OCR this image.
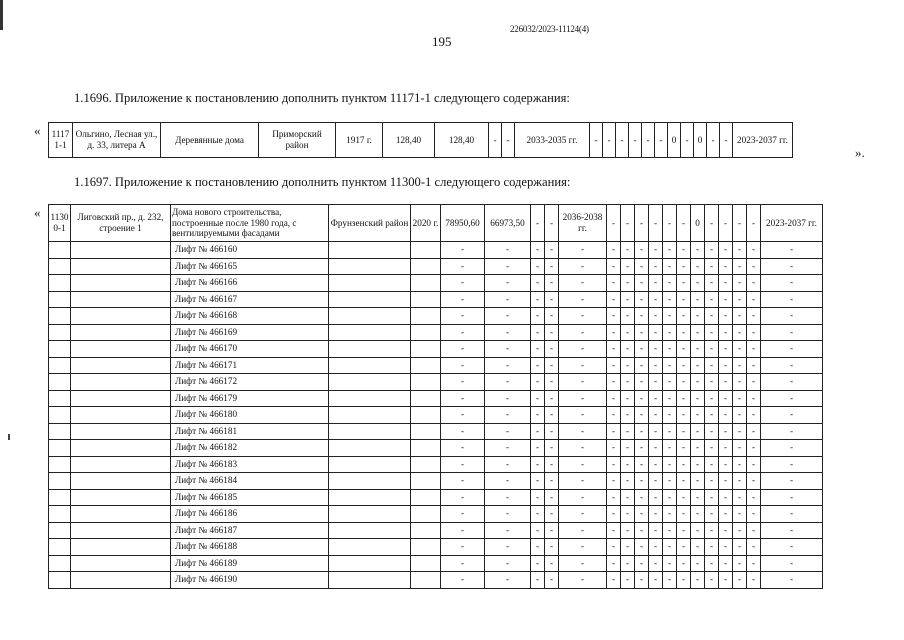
226032/2023-11124(4)
195
1.1696. Приложение к постановлению дополнить пунктом 11171-1 следующего содержания:
«
».
1117 1-1	Ольгино, Лесная ул., д. 33, литера А	Деревянные дома	Приморский район	1917 г.	128,40	128,40	-	-	2033-2035 гг.	-	-	-	-	-	-	0	-	0	-	-	2023-2037 гг.
1.1697. Приложение к постановлению дополнить пунктом 11300-1 следующего содержания:
« 1130 0-1	Лиговский пр., д. 232, строение 1	Дома нового строительства, построенные после 1980 года, с вентилируемыми фасадами	Фрунзенский район	2020 г.	78950,60	66973,50	-	-	2036-2038 гг.	-	-	-	-	-	-	0	-	-	-	-	2023-2037 гг.
		Лифт № 466160			-	-	-	-	-	-	-	-	-	-	-	-	-	-	-	-	-
		Лифт № 466165			-	-	-	-	-	-	-	-	-	-	-	-	-	-	-	-	-
		Лифт № 466166			-	-	-	-	-	-	-	-	-	-	-	-	-	-	-	-	-
		Лифт № 466167			-	-	-	-	-	-	-	-	-	-	-	-	-	-	-	-	-
		Лифт № 466168			-	-	-	-	-	-	-	-	-	-	-	-	-	-	-	-	-
		Лифт № 466169			-	-	-	-	-	-	-	-	-	-	-	-	-	-	-	-	-
		Лифт № 466170			-	-	-	-	-	-	-	-	-	-	-	-	-	-	-	-	-
		Лифт № 466171			-	-	-	-	-	-	-	-	-	-	-	-	-	-	-	-	-
		Лифт № 466172			-	-	-	-	-	-	-	-	-	-	-	-	-	-	-	-	-
		Лифт № 466179			-	-	-	-	-	-	-	-	-	-	-	-	-	-	-	-	-
		Лифт № 466180			-	-	-	-	-	-	-	-	-	-	-	-	-	-	-	-	-
		Лифт № 466181			-	-	-	-	-	-	-	-	-	-	-	-	-	-	-	-	-
		Лифт № 466182			-	-	-	-	-	-	-	-	-	-	-	-	-	-	-	-	-
		Лифт № 466183			-	-	-	-	-	-	-	-	-	-	-	-	-	-	-	-	-
		Лифт № 466184			-	-	-	-	-	-	-	-	-	-	-	-	-	-	-	-	-
		Лифт № 466185			-	-	-	-	-	-	-	-	-	-	-	-	-	-	-	-	-
		Лифт № 466186			-	-	-	-	-	-	-	-	-	-	-	-	-	-	-	-	-
		Лифт № 466187			-	-	-	-	-	-	-	-	-	-	-	-	-	-	-	-	-
		Лифт № 466188			-	-	-	-	-	-	-	-	-	-	-	-	-	-	-	-	-
		Лифт № 466189			-	-	-	-	-	-	-	-	-	-	-	-	-	-	-	-	-
		Лифт № 466190			-	-	-	-	-	-	-	-	-	-	-	-	-	-	-	-	-
